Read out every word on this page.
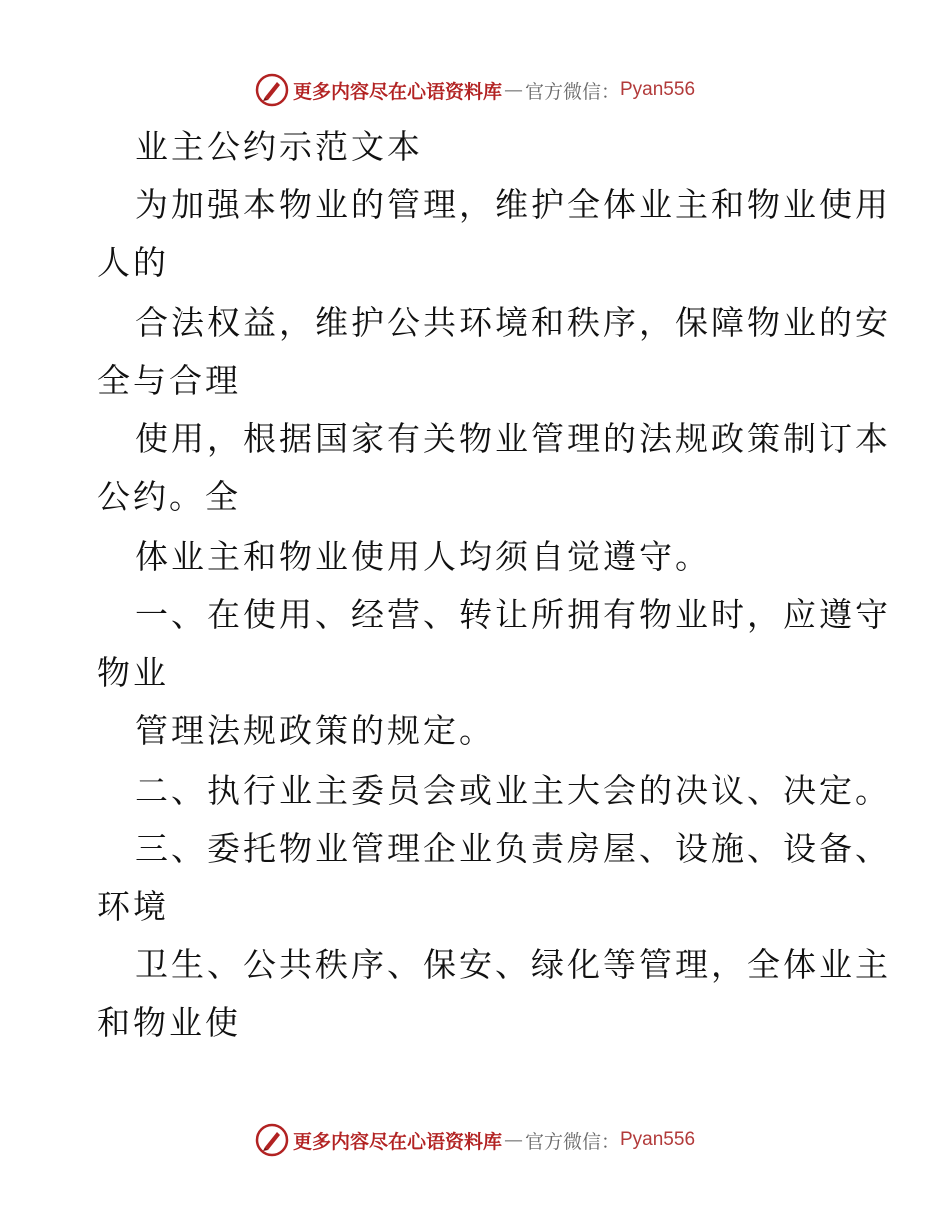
更多内容尽在心语资料库 — 官方微信： Pyan556
业主公约示范文本
为加强本物业的管理，维护全体业主和物业使用
人的
合法权益，维护公共环境和秩序，保障物业的安
全与合理
使用，根据国家有关物业管理的法规政策制订本
公约。全
体业主和物业使用人均须自觉遵守。
一、在使用、经营、转让所拥有物业时，应遵守
物业
管理法规政策的规定。
二、执行业主委员会或业主大会的决议、决定。
三、委托物业管理企业负责房屋、设施、设备、
环境
卫生、公共秩序、保安、绿化等管理，全体业主
和物业使
更多内容尽在心语资料库 — 官方微信： Pyan556
